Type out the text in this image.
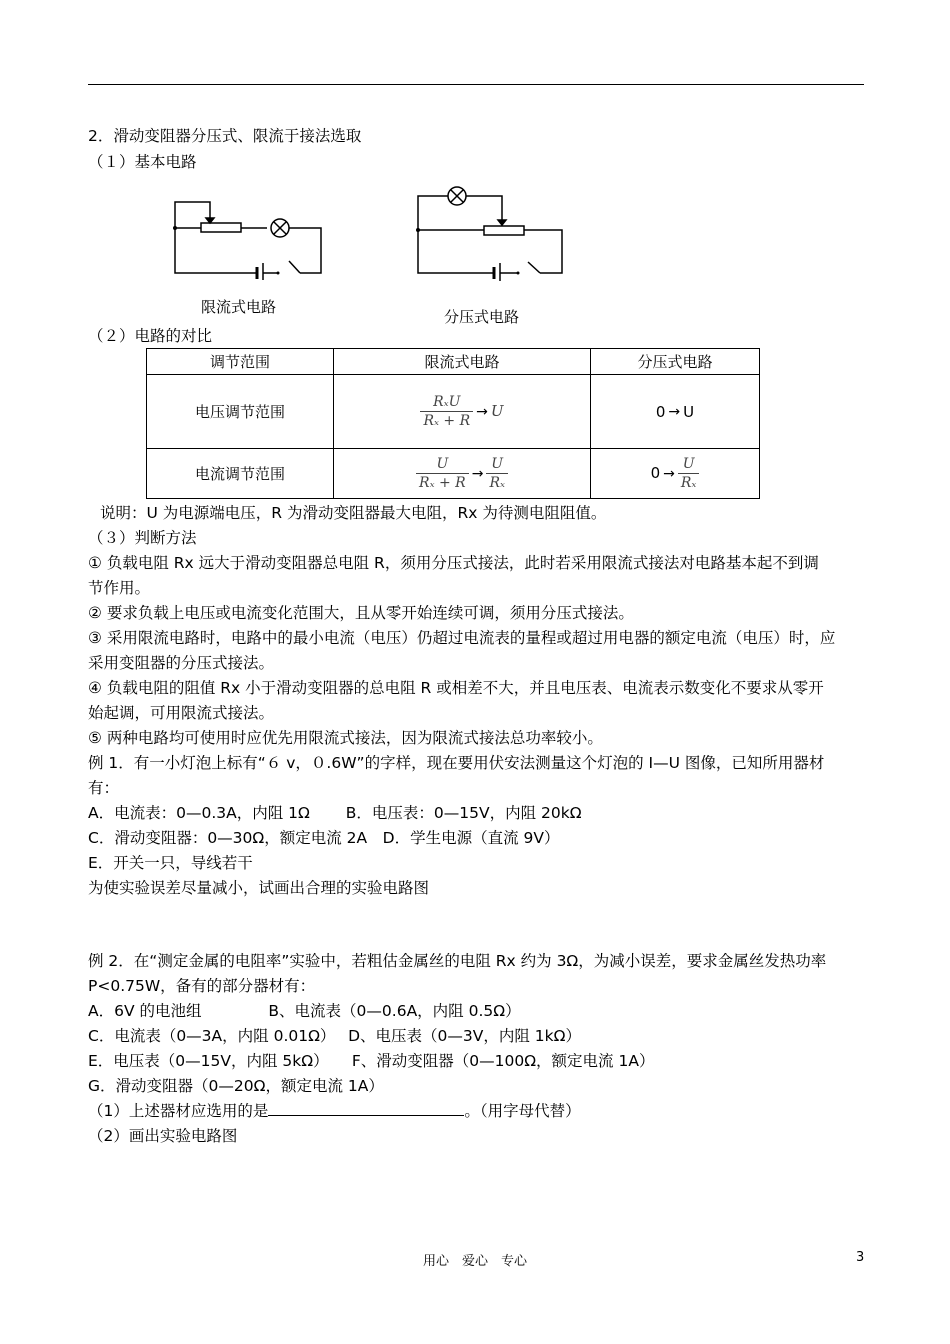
2．滑动变阻器分压式、限流于接法选取
（１）基本电路
限流式电路
分压式电路
（２）电路的对比
调节范围	限流式电路	分压式电路
电压调节范围	$\frac{\text{RₓU}}{\text{Rₓ + R}} \to U$	0 → U
电流调节范围	$\frac{U}{\text{Rₓ + R}} \to \frac{U}{\text{Rₓ}}$	$0 \to \frac{U}{\text{Rₓ}}$
说明：U 为电源端电压，R 为滑动变阻器最大电阻，Rx 为待测电阻阻值。
（３）判断方法
① 负载电阻 Rx 远大于滑动变阻器总电阻 R，须用分压式接法，此时若采用限流式接法对电路基本起不到调
节作用。
② 要求负载上电压或电流变化范围大，且从零开始连续可调，须用分压式接法。
③ 采用限流电路时，电路中的最小电流（电压）仍超过电流表的量程或超过用电器的额定电流（电压）时，应
采用变阻器的分压式接法。
④ 负载电阻的阻值 Rx 小于滑动变阻器的总电阻 R 或相差不大，并且电压表、电流表示数变化不要求从零开
始起调，可用限流式接法。
⑤ 两种电路均可使用时应优先用限流式接法，因为限流式接法总功率较小。
例 1．有一小灯泡上标有“６ v，０.6W”的字样，现在要用伏安法测量这个灯泡的 I—U 图像，已知所用器材
有：
A．电流表：0—0.3A，内阻 1Ω　　 B．电压表：0—15V，内阻 20kΩ
C．滑动变阻器：0—30Ω，额定电流 2A　D．学生电源（直流 9V）
E．开关一只，导线若干
为使实验误差尽量减小，试画出合理的实验电路图
例 2．在“测定金属的电阻率”实验中，若粗估金属丝的电阻 Rx 约为 3Ω，为减小误差，要求金属丝发热功率
P<0.75W，备有的部分器材有：
A．6V 的电池组　　　　 B、电流表（0—0.6A，内阻 0.5Ω）
C．电流表（0—3A，内阻 0.01Ω）　 D、电压表（0—3V，内阻 1kΩ）
E．电压表（0—15V，内阻 5kΩ）　　F、滑动变阻器（0—100Ω，额定电流 1A）
G．滑动变阻器（0—20Ω，额定电流 1A）
（1）上述器材应选用的是	。（用字母代替）
（2）画出实验电路图
用心　爱心　专心	3
